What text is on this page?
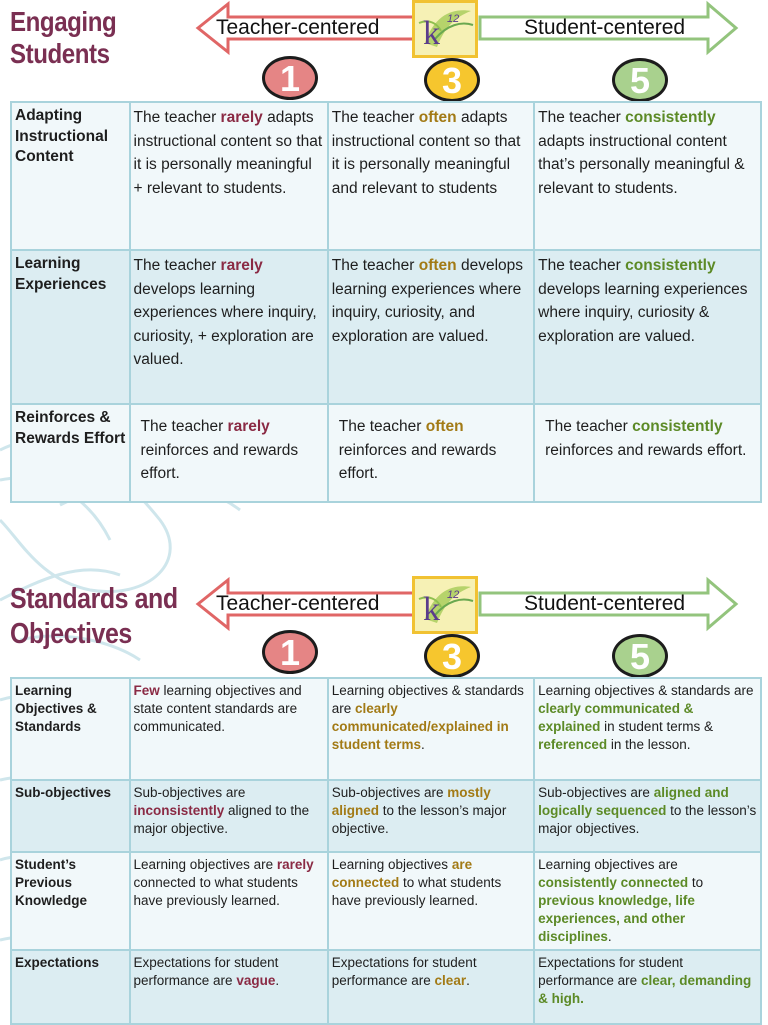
Engaging
Students
Teacher-centered	Student-centered
k 12
1	3	5
Adapting Instructional Content	The teacher rarely adapts instructional content so that it is personally meaningful + relevant to students.	The teacher often adapts instructional content so that it is personally meaningful and relevant to students	The teacher consistently adapts instructional content that’s personally meaningful & relevant to students.
Learning Experiences	The teacher rarely develops learning experiences where inquiry, curiosity, + exploration are valued.	The teacher often develops learning experiences where inquiry, curiosity, and exploration are valued.	The teacher consistently develops learning experiences where inquiry, curiosity & exploration are valued.
Reinforces & Rewards Effort	The teacher rarely reinforces and rewards effort.	The teacher often reinforces and rewards effort.	The teacher consistently reinforces and rewards effort.
Standards and
Objectives
Teacher-centered	Student-centered
k 12
1	3	5
Learning Objectives & Standards	Few learning objectives and state content standards are communicated.	Learning objectives & standards are clearly communicated/explained in student terms.	Learning objectives & standards are clearly communicated & explained in student terms & referenced in the lesson.
Sub-objectives	Sub-objectives are inconsistently aligned to the major objective.	Sub-objectives are mostly aligned to the lesson’s major objective.	Sub-objectives are aligned and logically sequenced to the lesson’s major objectives.
Student’s Previous Knowledge	Learning objectives are rarely connected to what students have previously learned.	Learning objectives are connected to what students have previously learned.	Learning objectives are consistently connected to previous knowledge, life experiences, and other disciplines.
Expectations	Expectations for student performance are vague.	Expectations for student performance are clear.	Expectations for student performance are clear, demanding & high.
